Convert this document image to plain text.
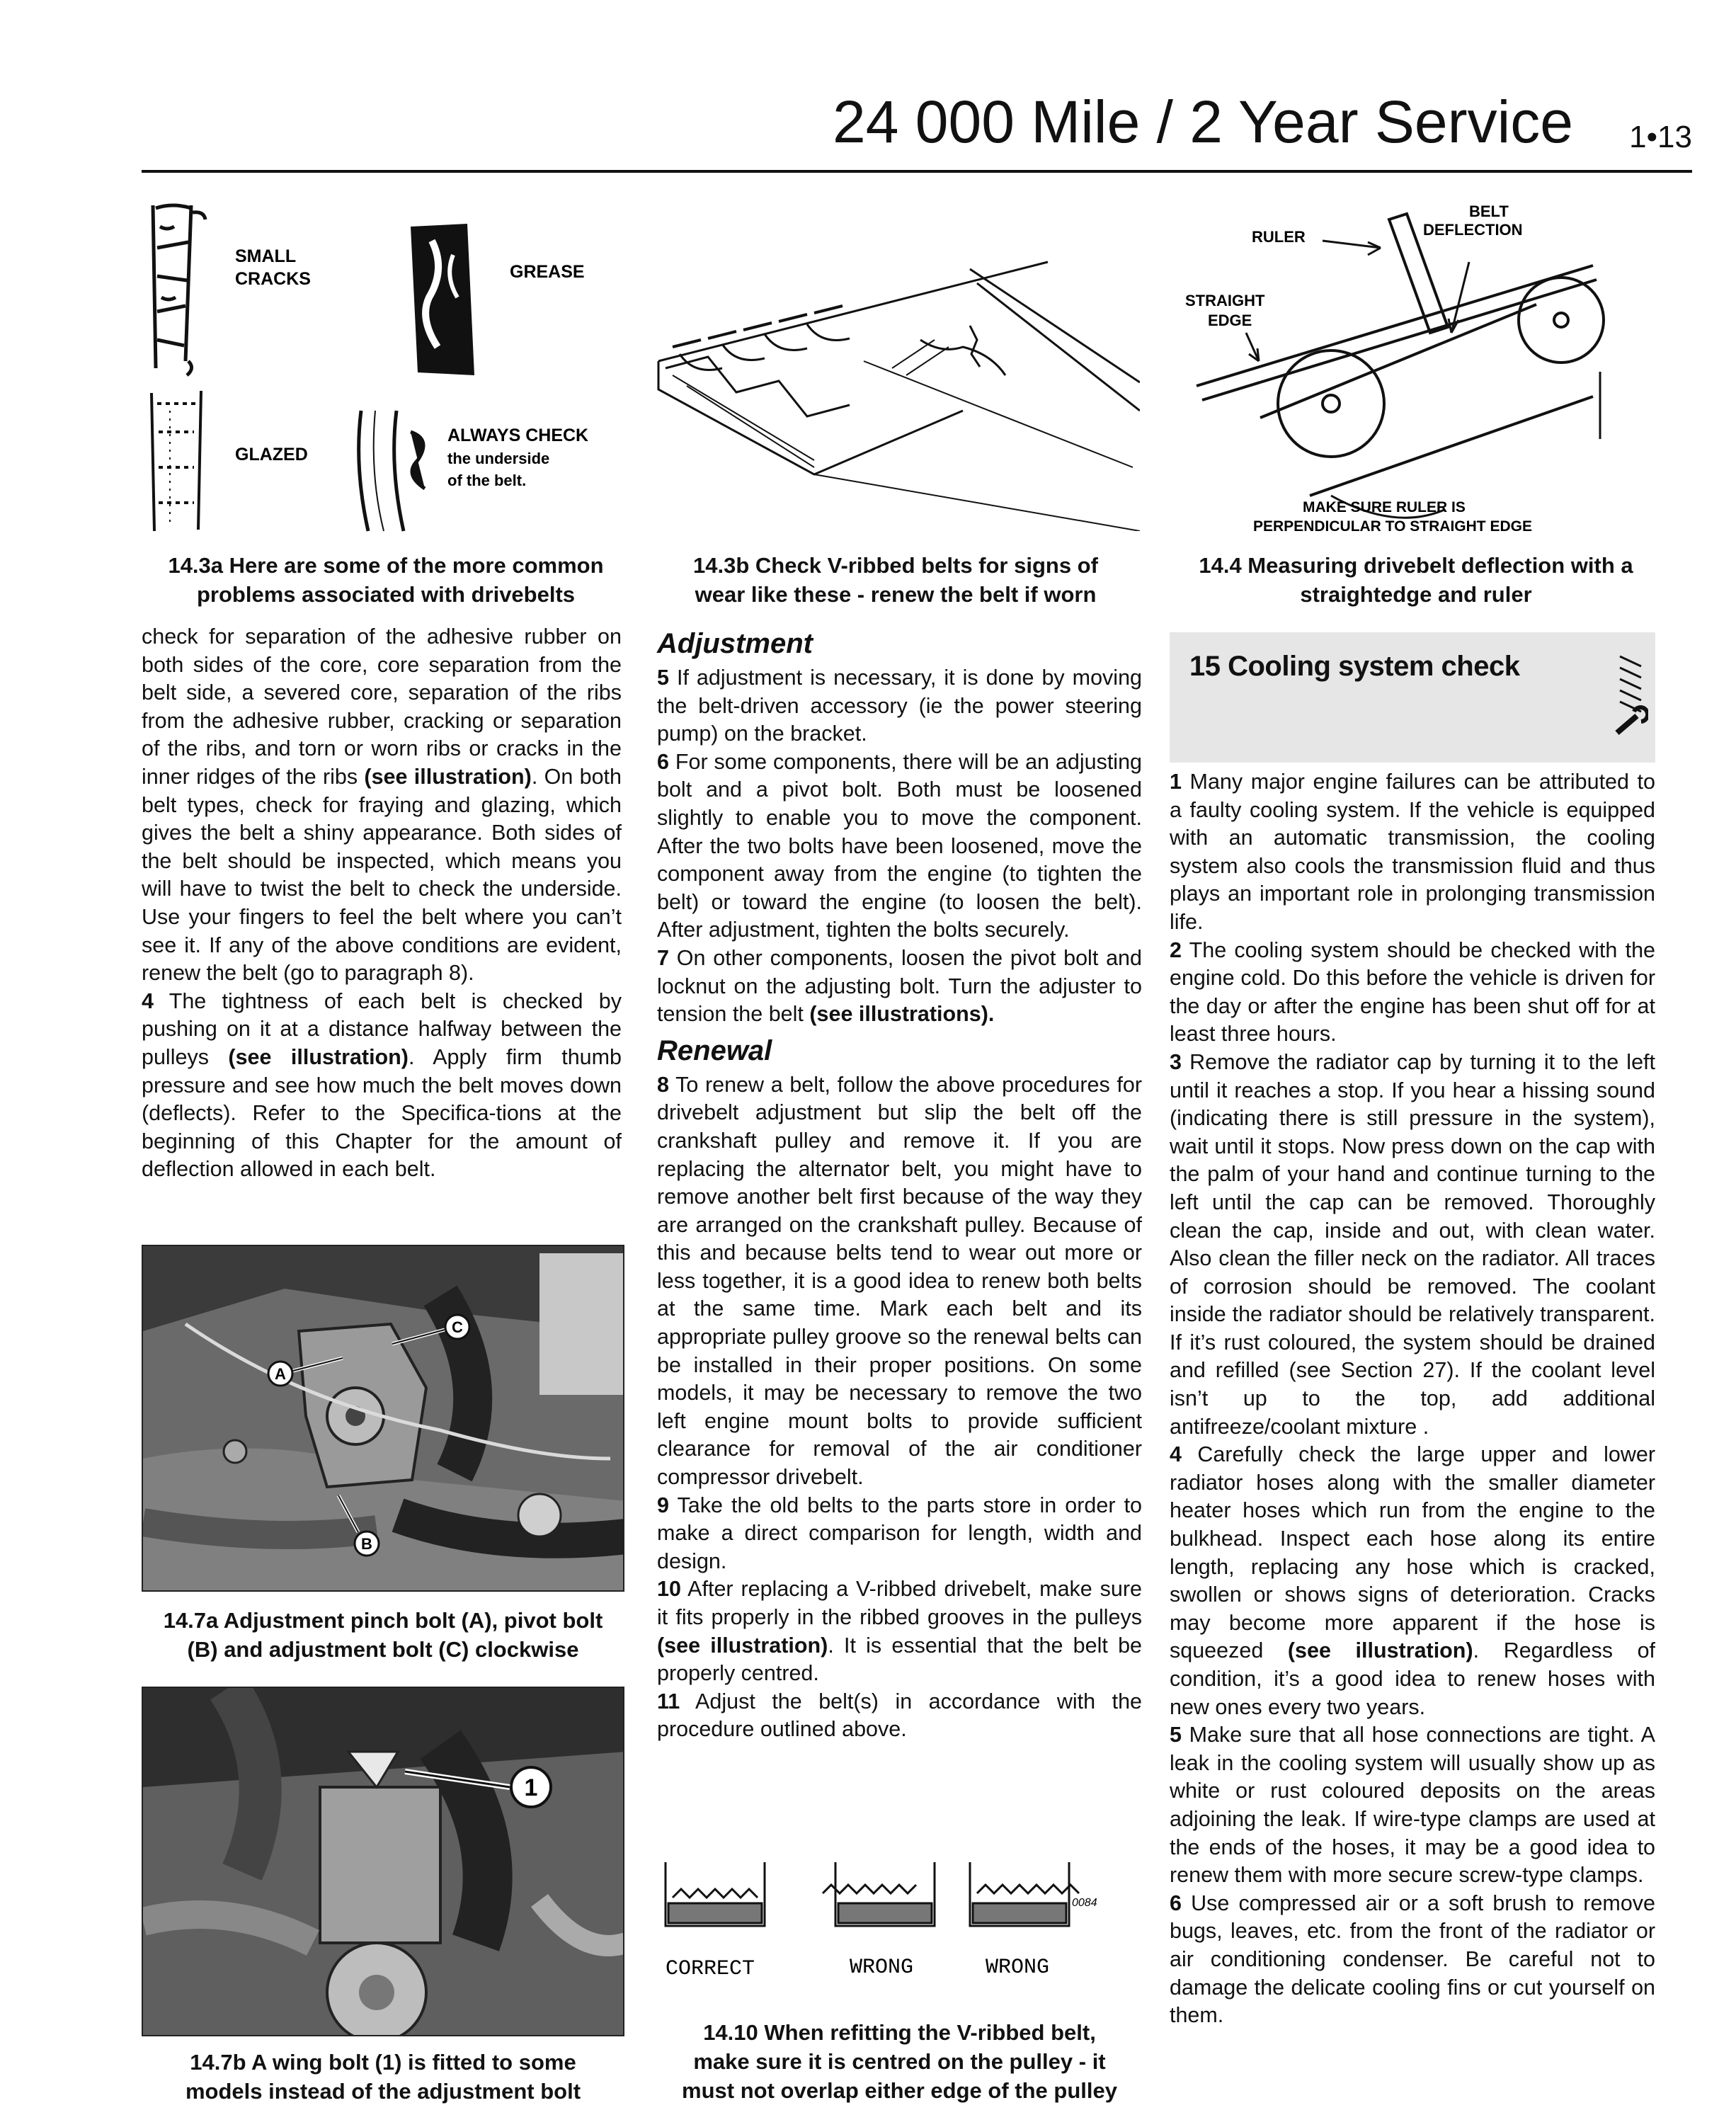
24 000 Mile / 2 Year Service 1•13
SMALL
CRACKS	GREASE
GLAZED
ALWAYS CHECK
the underside
of the belt.
14.3a Here are some of the more common
problems associated with drivebelts
14.3b Check V-ribbed belts for signs of
wear like these - renew the belt if worn
RULER
BELT
DEFLECTION
STRAIGHT
EDGE
MAKE SURE RULER IS
PERPENDICULAR TO STRAIGHT EDGE
14.4 Measuring drivebelt deflection with a
straightedge and ruler

check for separation of the adhesive rubber on both sides of the core, core separation from the belt side, a severed core, separation of the ribs from the adhesive rubber, cracking or separation of the ribs, and torn or worn ribs or cracks in the inner ridges of the ribs (see illustration). On both belt types, check for fraying and glazing, which gives the belt a shiny appearance. Both sides of the belt should be inspected, which means you will have to twist the belt to check the underside. Use your fingers to feel the belt where you can’t see it. If any of the above conditions are evident, renew the belt (go to paragraph 8).

4 The tightness of each belt is checked by pushing on it at a distance halfway between the pulleys (see illustration). Apply firm thumb pressure and see how much the belt moves down (deflects). Refer to the Specifica-tions at the beginning of this Chapter for the amount of deflection allowed in each belt.

A
C
B
14.7a Adjustment pinch bolt (A), pivot bolt
(B) and adjustment bolt (C) clockwise
1
14.7b A wing bolt (1) is fitted to some
models instead of the adjustment bolt
Adjustment

5 If adjustment is necessary, it is done by moving the belt-driven accessory (ie the power steering pump) on the bracket.

6 For some components, there will be an adjusting bolt and a pivot bolt. Both must be loosened slightly to enable you to move the component. After the two bolts have been loosened, move the component away from the engine (to tighten the belt) or toward the engine (to loosen the belt). After adjustment, tighten the bolts securely.

7 On other components, loosen the pivot bolt and locknut on the adjusting bolt. Turn the adjuster to tension the belt (see illustrations).

Renewal

8 To renew a belt, follow the above procedures for drivebelt adjustment but slip the belt off the crankshaft pulley and remove it. If you are replacing the alternator belt, you might have to remove another belt first because of the way they are arranged on the crankshaft pulley. Because of this and because belts tend to wear out more or less together, it is a good idea to renew both belts at the same time. Mark each belt and its appropriate pulley groove so the renewal belts can be installed in their proper positions. On some models, it may be necessary to remove the two left engine mount bolts to provide sufficient clearance for removal of the air conditioner compressor drivebelt.

9 Take the old belts to the parts store in order to make a direct comparison for length, width and design.

10 After replacing a V-ribbed drivebelt, make sure it fits properly in the ribbed grooves in the pulleys (see illustration). It is essential that the belt be properly centred.

11 Adjust the belt(s) in accordance with the procedure outlined above.

0084
CORRECT	WRONG	WRONG
14.10 When refitting the V-ribbed belt,
make sure it is centred on the pulley - it
must not overlap either edge of the pulley
15 Cooling system check

1 Many major engine failures can be attributed to a faulty cooling system. If the vehicle is equipped with an automatic transmission, the cooling system also cools the transmission fluid and thus plays an important role in prolonging transmission life.

2 The cooling system should be checked with the engine cold. Do this before the vehicle is driven for the day or after the engine has been shut off for at least three hours.

3 Remove the radiator cap by turning it to the left until it reaches a stop. If you hear a hissing sound (indicating there is still pressure in the system), wait until it stops. Now press down on the cap with the palm of your hand and continue turning to the left until the cap can be removed. Thoroughly clean the cap, inside and out, with clean water. Also clean the filler neck on the radiator. All traces of corrosion should be removed. The coolant inside the radiator should be relatively transparent. If it’s rust coloured, the system should be drained and refilled (see Section 27). If the coolant level isn’t up to the top, add additional antifreeze/coolant mixture .

4 Carefully check the large upper and lower radiator hoses along with the smaller diameter heater hoses which run from the engine to the bulkhead. Inspect each hose along its entire length, replacing any hose which is cracked, swollen or shows signs of deterioration. Cracks may become more apparent if the hose is squeezed (see illustration). Regardless of condition, it’s a good idea to renew hoses with new ones every two years.

5 Make sure that all hose connections are tight. A leak in the cooling system will usually show up as white or rust coloured deposits on the areas adjoining the leak. If wire-type clamps are used at the ends of the hoses, it may be a good idea to renew them with more secure screw-type clamps.

6 Use compressed air or a soft brush to remove bugs, leaves, etc. from the front of the radiator or air conditioning condenser. Be careful not to damage the delicate cooling fins or cut yourself on them.
